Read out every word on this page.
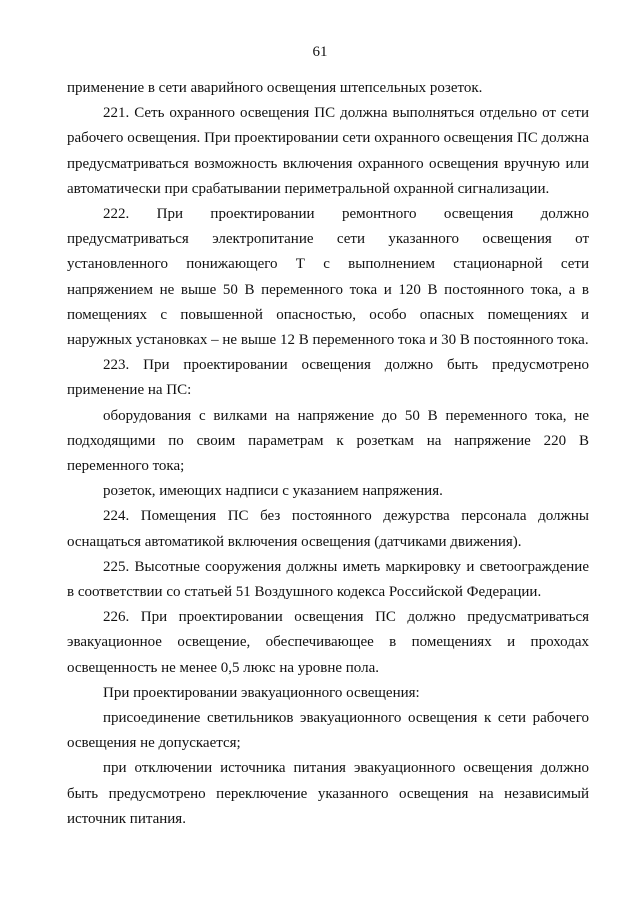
61

применение в сети аварийного освещения штепсельных розеток.

221. Сеть охранного освещения ПС должна выполняться отдельно от сети рабочего освещения. При проектировании сети охранного освещения ПС должна предусматриваться возможность включения охранного освещения вручную или автоматически при срабатывании периметральной охранной сигнализации.

222. При проектировании ремонтного освещения должно предусматриваться электропитание сети указанного освещения от установленного понижающего Т с выполнением стационарной сети напряжением не выше 50 В переменного тока и 120 В постоянного тока, а в помещениях с повышенной опасностью, особо опасных помещениях и наружных установках – не выше 12 В переменного тока и 30 В постоянного тока.

223. При проектировании освещения должно быть предусмотрено применение на ПС:

оборудования с вилками на напряжение до 50 В переменного тока, не подходящими по своим параметрам к розеткам на напряжение 220 В переменного тока;

розеток, имеющих надписи с указанием напряжения.

224. Помещения ПС без постоянного дежурства персонала должны оснащаться автоматикой включения освещения (датчиками движения).

225. Высотные сооружения должны иметь маркировку и светоограждение в соответствии со статьей 51 Воздушного кодекса Российской Федерации.

226. При проектировании освещения ПС должно предусматриваться эвакуационное освещение, обеспечивающее в помещениях и проходах освещенность не менее 0,5 люкс на уровне пола.

При проектировании эвакуационного освещения:

присоединение светильников эвакуационного освещения к сети рабочего освещения не допускается;

при отключении источника питания эвакуационного освещения должно быть предусмотрено переключение указанного освещения на независимый источник питания.
